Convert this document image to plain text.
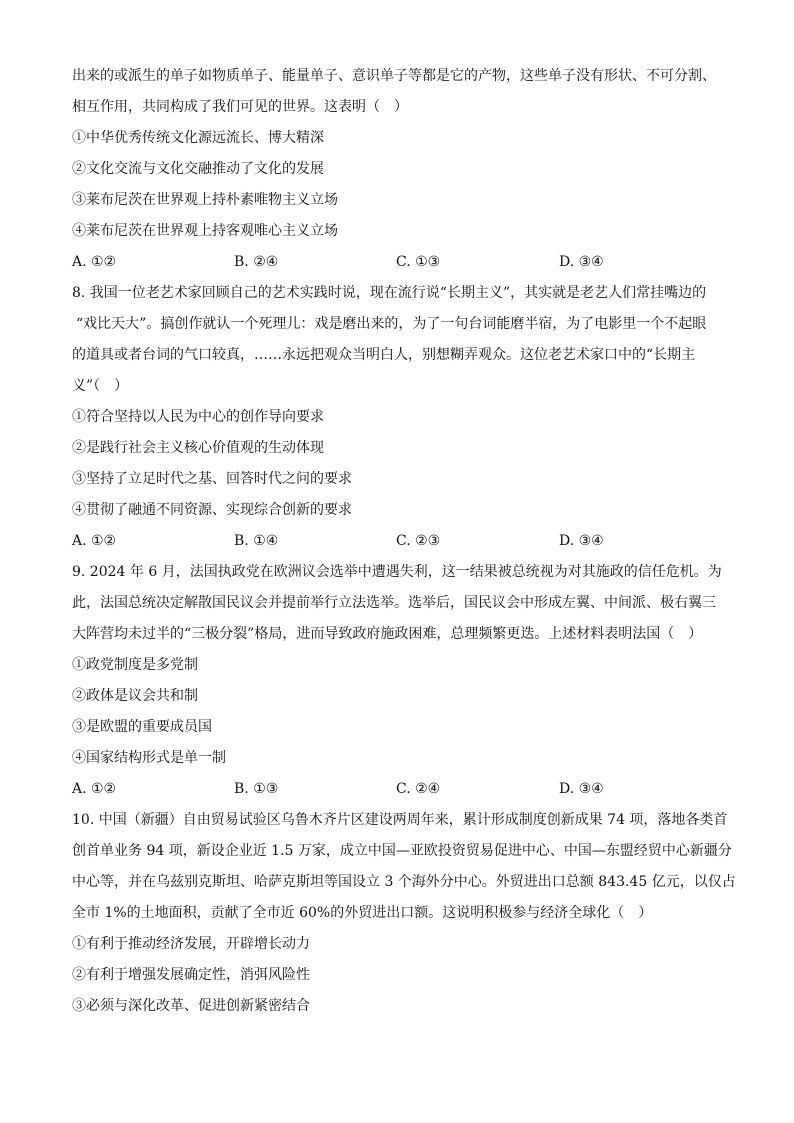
出来的或派生的单子如物质单子、能量单子、意识单子等都是它的产物，这些单子没有形状、不可分割、
相互作用，共同构成了我们可见的世界。这表明（　）
①中华优秀传统文化源远流长、博大精深
②文化交流与文化交融推动了文化的发展
③莱布尼茨在世界观上持朴素唯物主义立场
④莱布尼茨在世界观上持客观唯心主义立场
A. ①②	B. ②④	C. ①③	D. ③④
8. 我国一位老艺术家回顾自己的艺术实践时说，现在流行说“长期主义”，其实就是老艺人们常挂嘴边的
“戏比天大”。搞创作就认一个死理儿：戏是磨出来的，为了一句台词能磨半宿，为了电影里一个不起眼
的道具或者台词的气口较真，……永远把观众当明白人，别想糊弄观众。这位老艺术家口中的“长期主
义”（　）
①符合坚持以人民为中心的创作导向要求
②是践行社会主义核心价值观的生动体现
③坚持了立足时代之基、回答时代之问的要求
④贯彻了融通不同资源、实现综合创新的要求
A. ①②	B. ①④	C. ②③	D. ③④
9. 2024 年 6 月，法国执政党在欧洲议会选举中遭遇失利，这一结果被总统视为对其施政的信任危机。为
此，法国总统决定解散国民议会并提前举行立法选举。选举后，国民议会中形成左翼、中间派、极右翼三
大阵营均未过半的“三极分裂”格局，进而导致政府施政困难，总理频繁更迭。上述材料表明法国（　）
①政党制度是多党制
②政体是议会共和制
③是欧盟的重要成员国
④国家结构形式是单一制
A. ①②	B. ①③	C. ②④	D. ③④
10. 中国（新疆）自由贸易试验区乌鲁木齐片区建设两周年来，累计形成制度创新成果 74 项，落地各类首
创首单业务 94 项，新设企业近 1.5 万家，成立中国—亚欧投资贸易促进中心、中国—东盟经贸中心新疆分
中心等，并在乌兹别克斯坦、哈萨克斯坦等国设立 3 个海外分中心。外贸进出口总额 843.45 亿元，以仅占
全市 1%的土地面积，贡献了全市近 60%的外贸进出口额。这说明积极参与经济全球化（　）
①有利于推动经济发展，开辟增长动力
②有利于增强发展确定性，消弭风险性
③必须与深化改革、促进创新紧密结合
